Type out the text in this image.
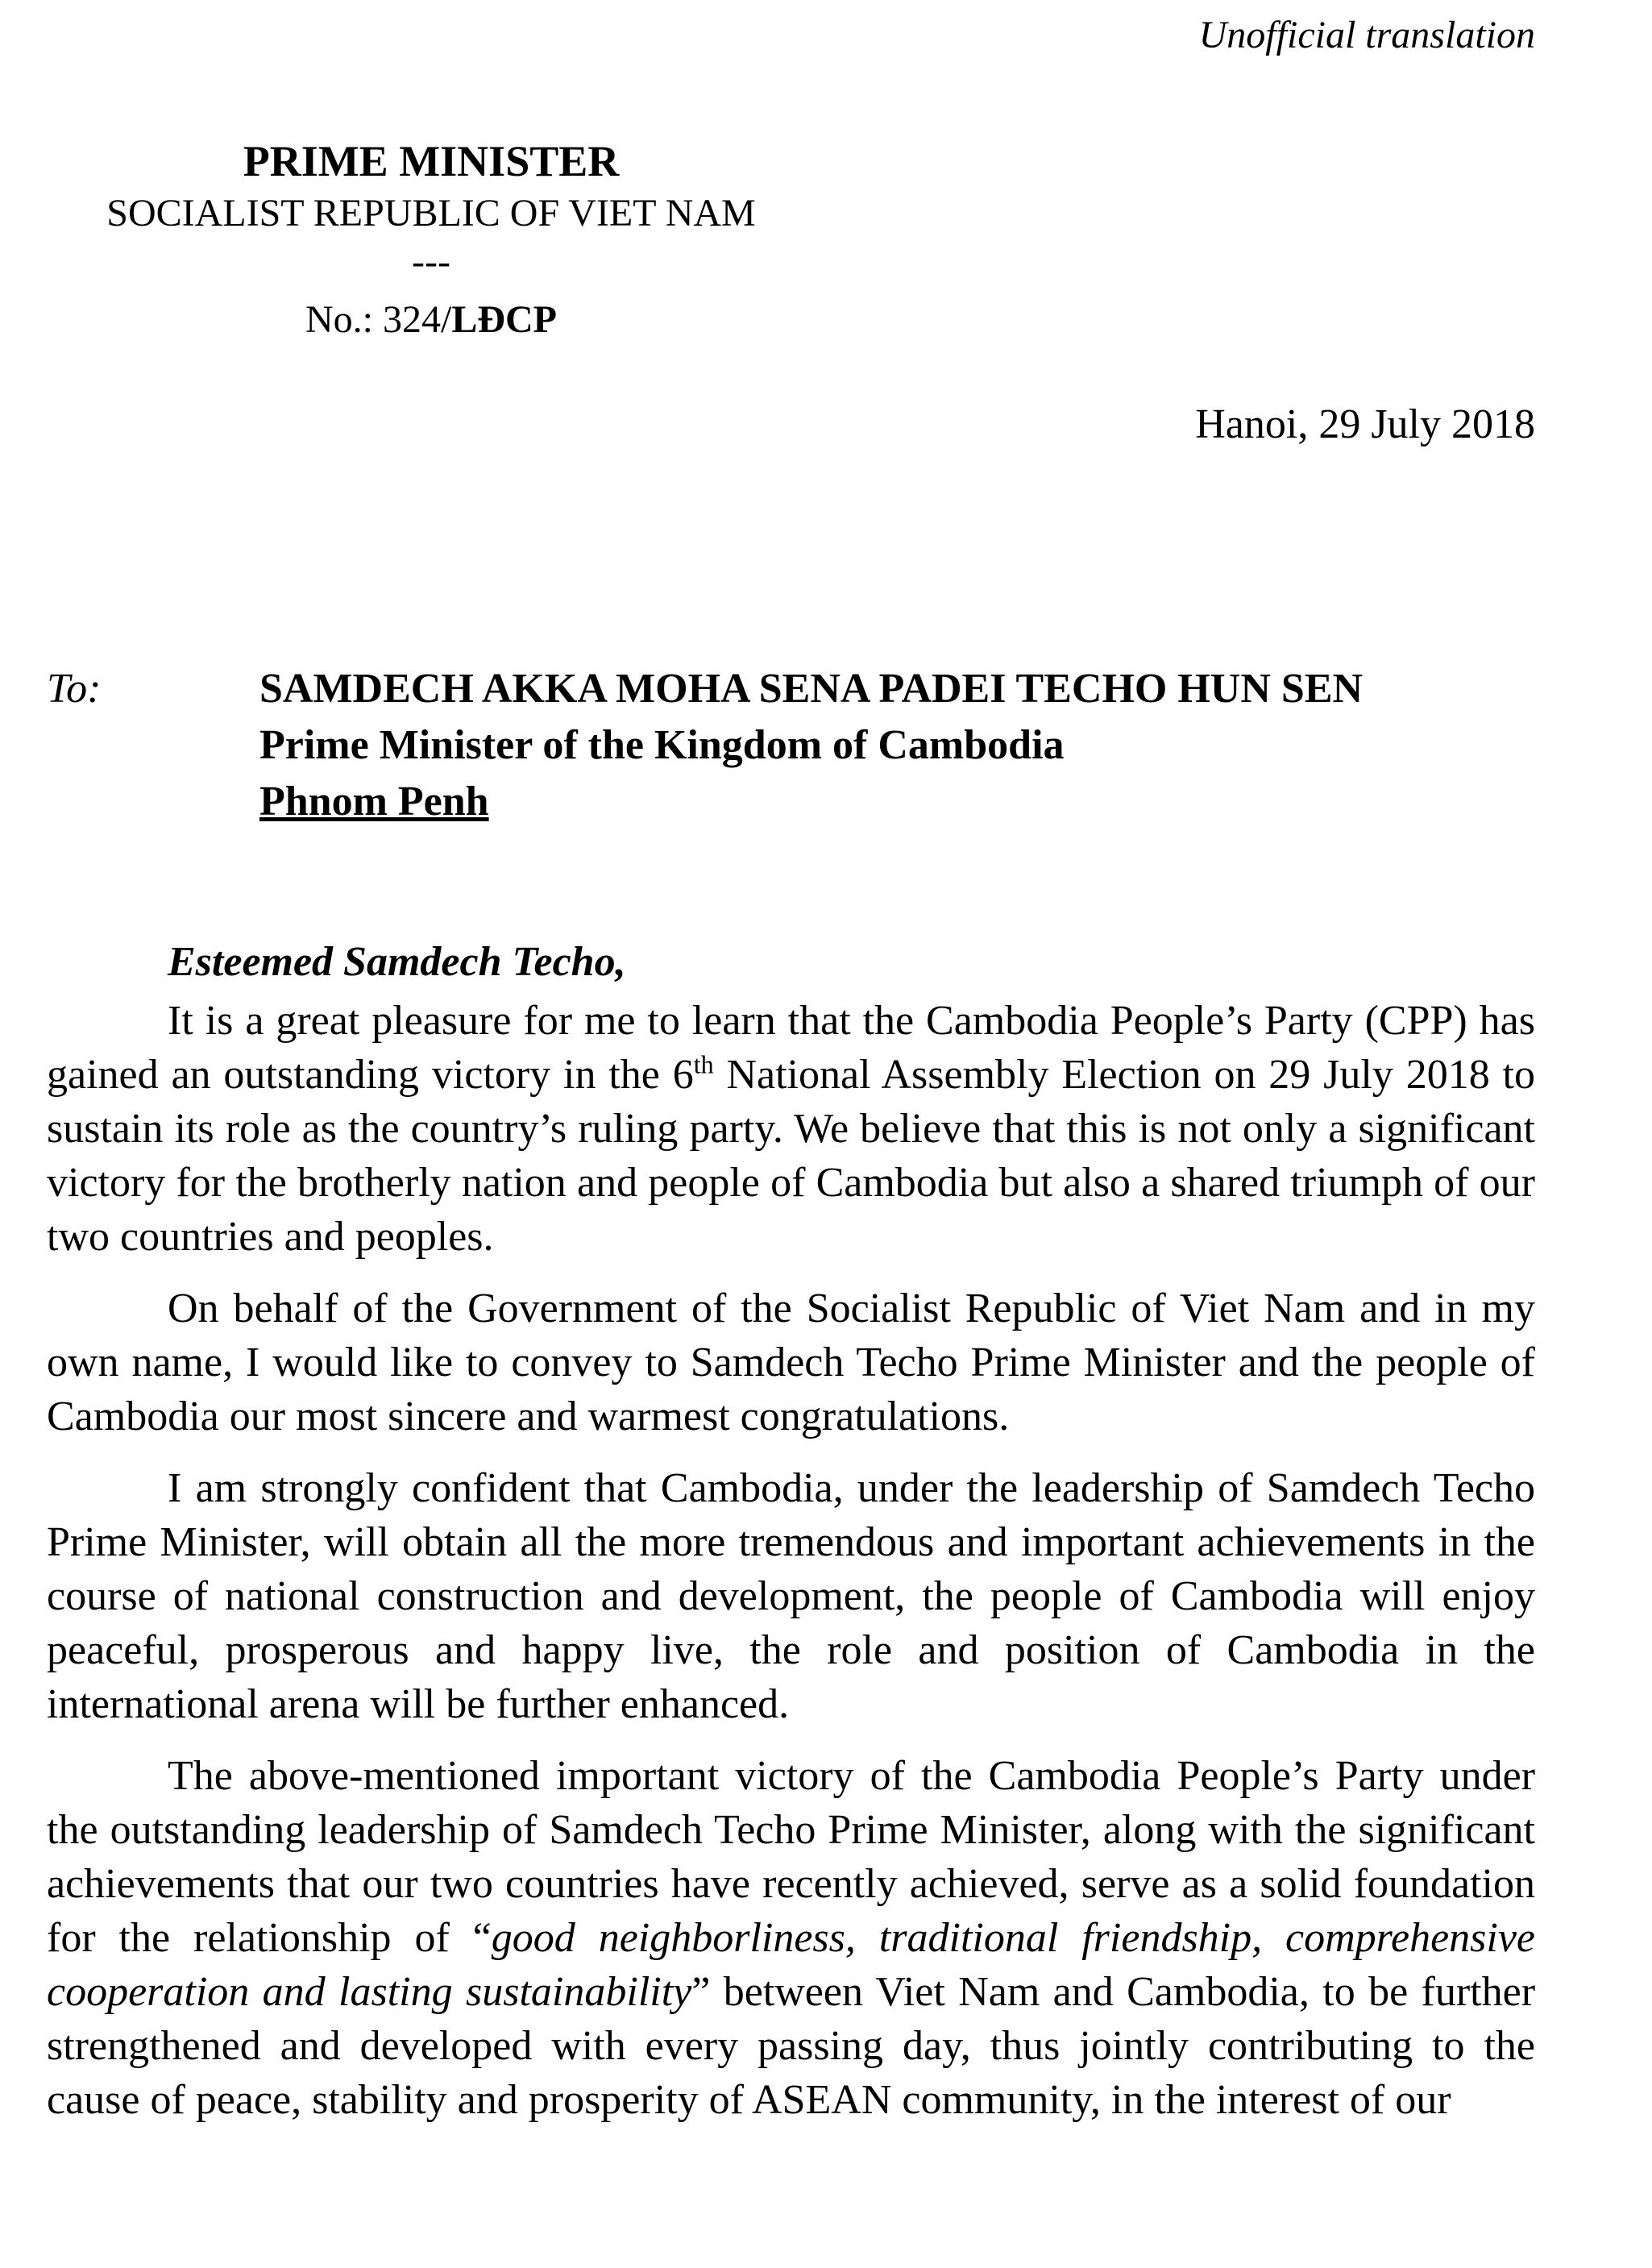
Unofficial translation
PRIME MINISTER
SOCIALIST REPUBLIC OF VIET NAM
---
No.: 324/LĐCP
Hanoi, 29 July 2018
To:	SAMDECH AKKA MOHA SENA PADEI TECHO HUN SEN
Prime Minister of the Kingdom of Cambodia
Phnom Penh

Esteemed Samdech Techo,

It is a great pleasure for me to learn that the Cambodia People’s Party (CPP) has gained an outstanding victory in the 6th National Assembly Election on 29 July 2018 to sustain its role as the country’s ruling party. We believe that this is not only a significant victory for the brotherly nation and people of Cambodia but also a shared triumph of our two countries and peoples.

On behalf of the Government of the Socialist Republic of Viet Nam and in my own name, I would like to convey to Samdech Techo Prime Minister and the people of Cambodia our most sincere and warmest congratulations.

I am strongly confident that Cambodia, under the leadership of Samdech Techo Prime Minister, will obtain all the more tremendous and important achievements in the course of national construction and development, the people of Cambodia will enjoy peaceful, prosperous and happy live, the role and position of Cambodia in the international arena will be further enhanced.

The above-mentioned important victory of the Cambodia People’s Party under the outstanding leadership of Samdech Techo Prime Minister, along with the significant achievements that our two countries have recently achieved, serve as a solid foundation for the relationship of “good neighborliness, traditional friendship, comprehensive cooperation and lasting sustainability” between Viet Nam and Cambodia, to be further strengthened and developed with every passing day, thus jointly contributing to the cause of peace, stability and prosperity of ASEAN community, in the interest of our
